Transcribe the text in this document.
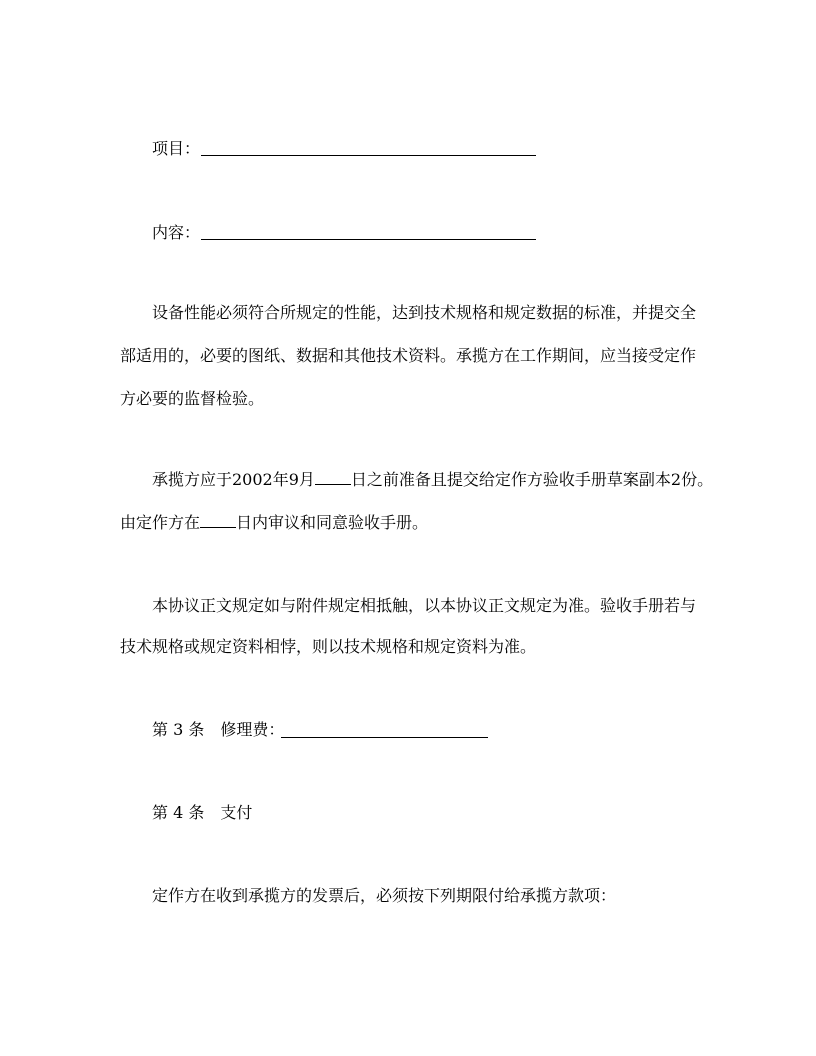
项目：
内容：
设备性能必须符合所规定的性能，达到技术规格和规定数据的标准，并提交全
部适用的，必要的图纸、数据和其他技术资料。承揽方在工作期间，应当接受定作
方必要的监督检验。
承揽方应于2002年9月 日之前准备且提交给定作方验收手册草案副本2份。
由定作方在 日内审议和同意验收手册。
本协议正文规定如与附件规定相抵触，以本协议正文规定为准。验收手册若与
技术规格或规定资料相悖，则以技术规格和规定资料为准。
第 3 条 修理费：
第 4 条 支付
定作方在收到承揽方的发票后，必须按下列期限付给承揽方款项：
